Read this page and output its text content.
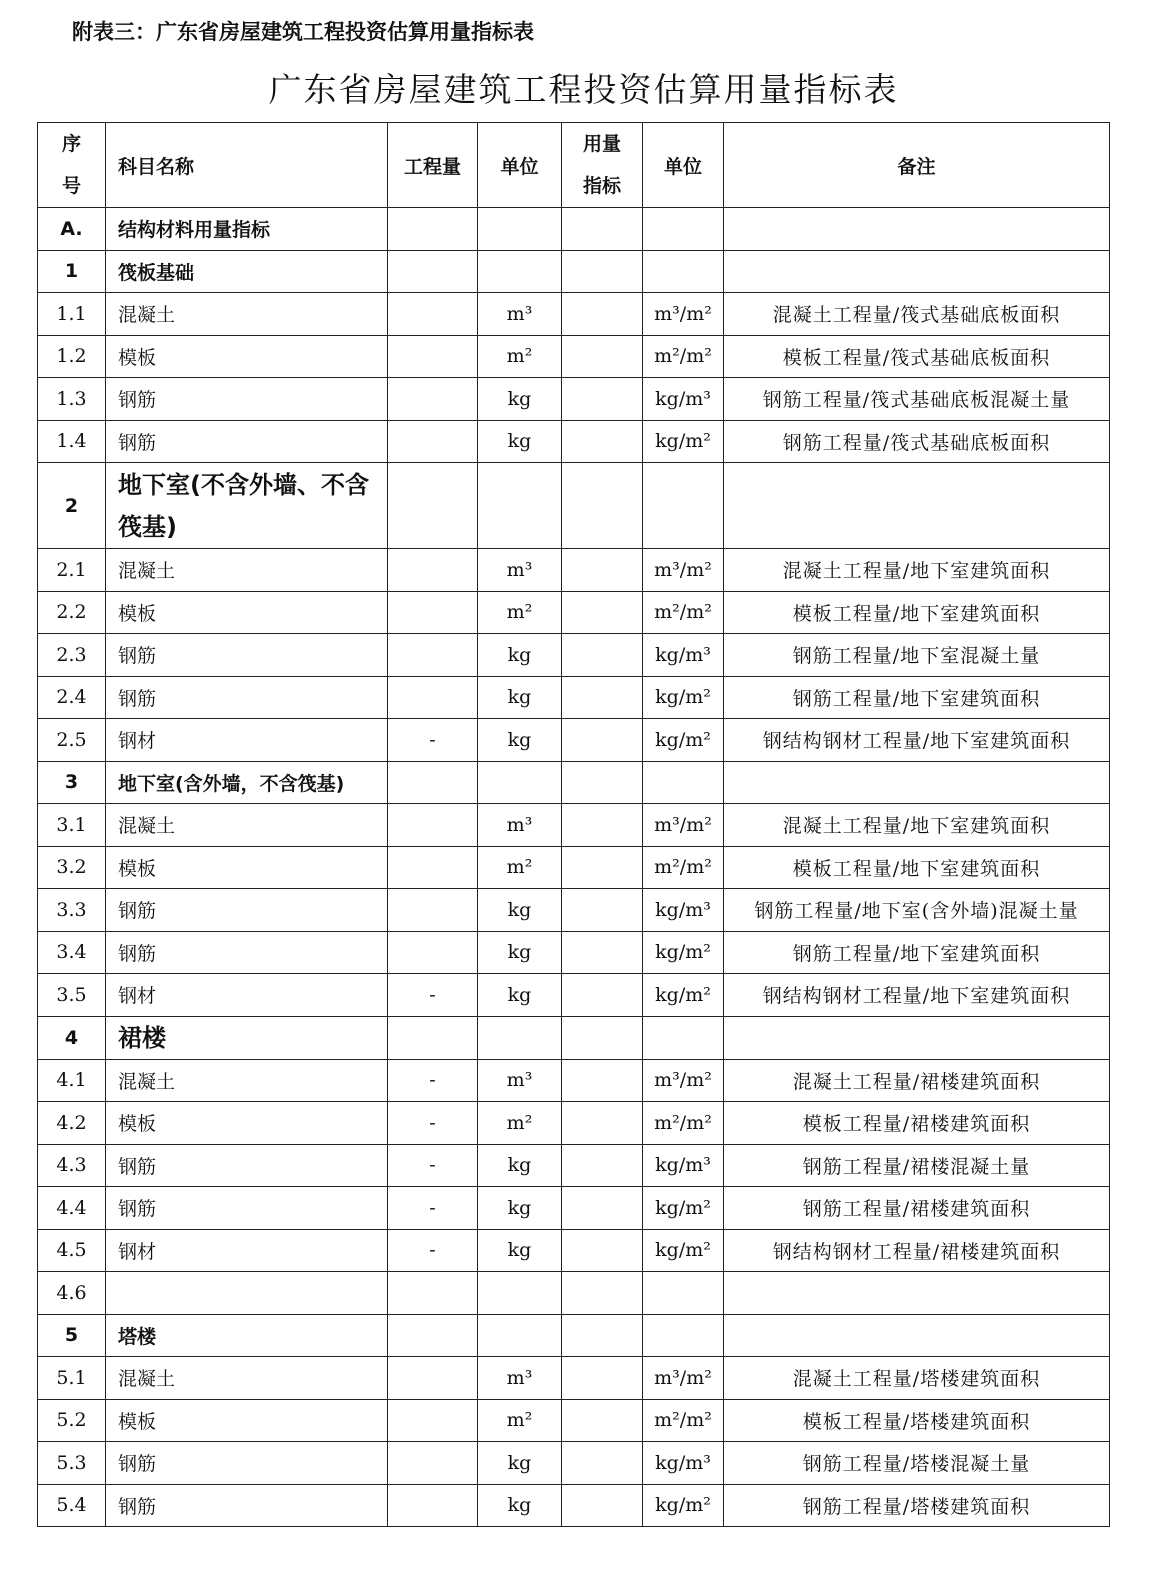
附表三：广东省房屋建筑工程投资估算用量指标表
广东省房屋建筑工程投资估算用量指标表
序号	科目名称	工程量	单位	用量指标	单位	备注
A.	结构材料用量指标					
1	筏板基础					
1.1	混凝土		m³		m³/m²	混凝土工程量/筏式基础底板面积
1.2	模板		m²		m²/m²	模板工程量/筏式基础底板面积
1.3	钢筋		kg		kg/m³	钢筋工程量/筏式基础底板混凝土量
1.4	钢筋		kg		kg/m²	钢筋工程量/筏式基础底板面积
2	地下室(不含外墙、不含筏基)					
2.1	混凝土		m³		m³/m²	混凝土工程量/地下室建筑面积
2.2	模板		m²		m²/m²	模板工程量/地下室建筑面积
2.3	钢筋		kg		kg/m³	钢筋工程量/地下室混凝土量
2.4	钢筋		kg		kg/m²	钢筋工程量/地下室建筑面积
2.5	钢材	-	kg		kg/m²	钢结构钢材工程量/地下室建筑面积
3	地下室(含外墙，不含筏基)					
3.1	混凝土		m³		m³/m²	混凝土工程量/地下室建筑面积
3.2	模板		m²		m²/m²	模板工程量/地下室建筑面积
3.3	钢筋		kg		kg/m³	钢筋工程量/地下室(含外墙)混凝土量
3.4	钢筋		kg		kg/m²	钢筋工程量/地下室建筑面积
3.5	钢材	-	kg		kg/m²	钢结构钢材工程量/地下室建筑面积
4	裙楼					
4.1	混凝土	-	m³		m³/m²	混凝土工程量/裙楼建筑面积
4.2	模板	-	m²		m²/m²	模板工程量/裙楼建筑面积
4.3	钢筋	-	kg		kg/m³	钢筋工程量/裙楼混凝土量
4.4	钢筋	-	kg		kg/m²	钢筋工程量/裙楼建筑面积
4.5	钢材	-	kg		kg/m²	钢结构钢材工程量/裙楼建筑面积
4.6						
5	塔楼					
5.1	混凝土		m³		m³/m²	混凝土工程量/塔楼建筑面积
5.2	模板		m²		m²/m²	模板工程量/塔楼建筑面积
5.3	钢筋		kg		kg/m³	钢筋工程量/塔楼混凝土量
5.4	钢筋		kg		kg/m²	钢筋工程量/塔楼建筑面积
